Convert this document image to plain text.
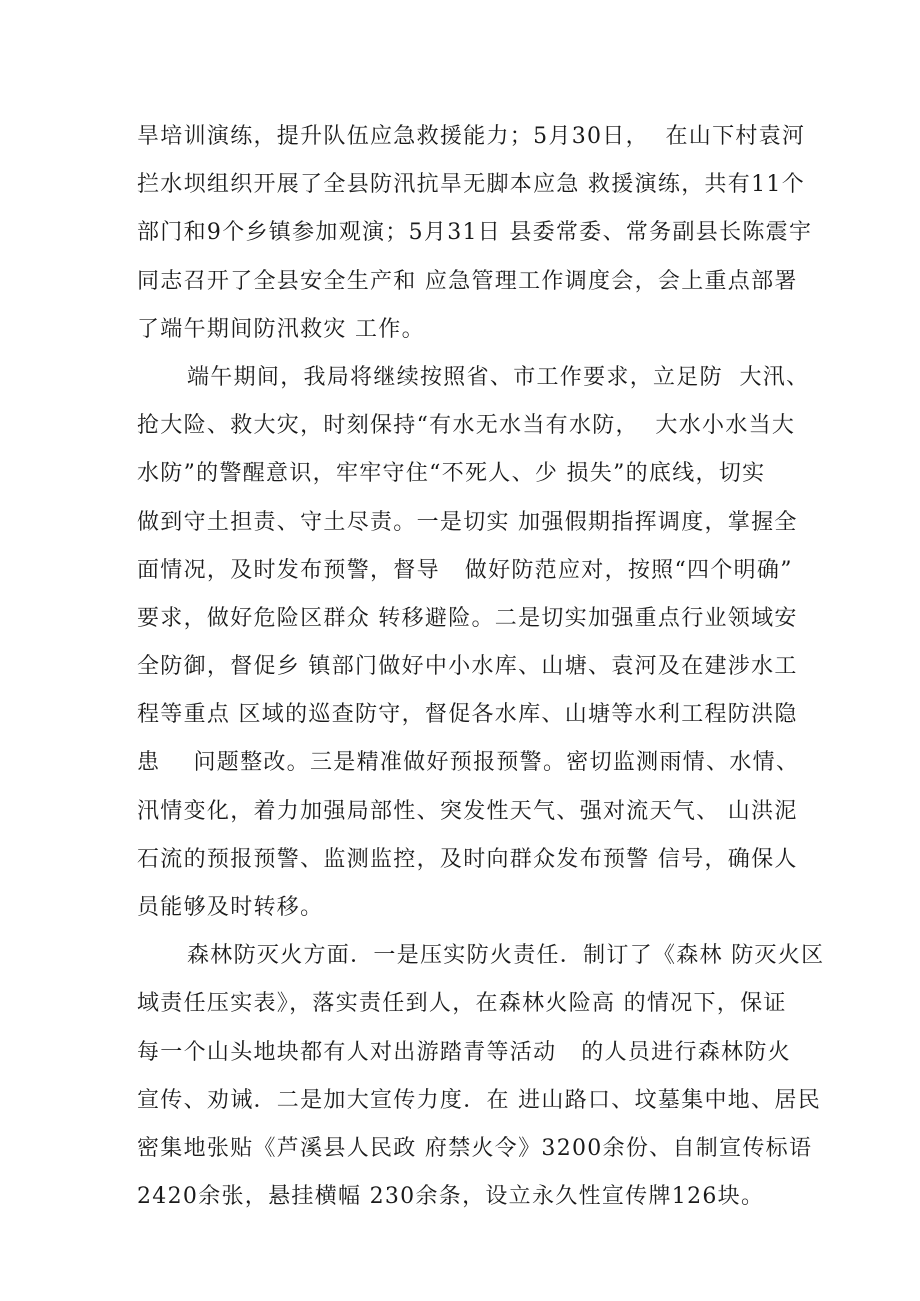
旱培训演练，提升队伍应急救援能力；5月30日，  在山下村袁河
拦水坝组织开展了全县防汛抗旱无脚本应急 救援演练，共有11个
部门和9个乡镇参加观演；5月31日 县委常委、常务副县长陈震宇
同志召开了全县安全生产和 应急管理工作调度会，会上重点部署
了端午期间防汛救灾 工作。
端午期间，我局将继续按照省、市工作要求，立足防  大汛、
抢大险、救大灾，时刻保持“有水无水当有水防，  大水小水当大
水防”的警醒意识，牢牢守住“不死人、少 损失”的底线，切实
做到守土担责、守土尽责。一是切实 加强假期指挥调度，掌握全
面情况，及时发布预警，督导   做好防范应对，按照“四个明确”
要求，做好危险区群众 转移避险。二是切实加强重点行业领域安
全防御，督促乡 镇部门做好中小水库、山塘、袁河及在建涉水工
程等重点 区域的巡查防守，督促各水库、山塘等水利工程防洪隐
患    问题整改。三是精准做好预报预警。密切监测雨情、水情、
汛情变化，着力加强局部性、突发性天气、强对流天气、 山洪泥
石流的预报预警、监测监控，及时向群众发布预警 信号，确保人
员能够及时转移。
森林防灭火方面．一是压实防火责任．制订了《森林 防灭火区
域责任压实表》，落实责任到人，在森林火险高 的情况下，保证
每一个山头地块都有人对出游踏青等活动   的人员进行森林防火
宣传、劝诫．二是加大宣传力度．在 进山路口、坟墓集中地、居民
密集地张贴《芦溪县人民政 府禁火令》3200余份、自制宣传标语
2420余张，悬挂横幅 230余条，设立永久性宣传牌126块。
